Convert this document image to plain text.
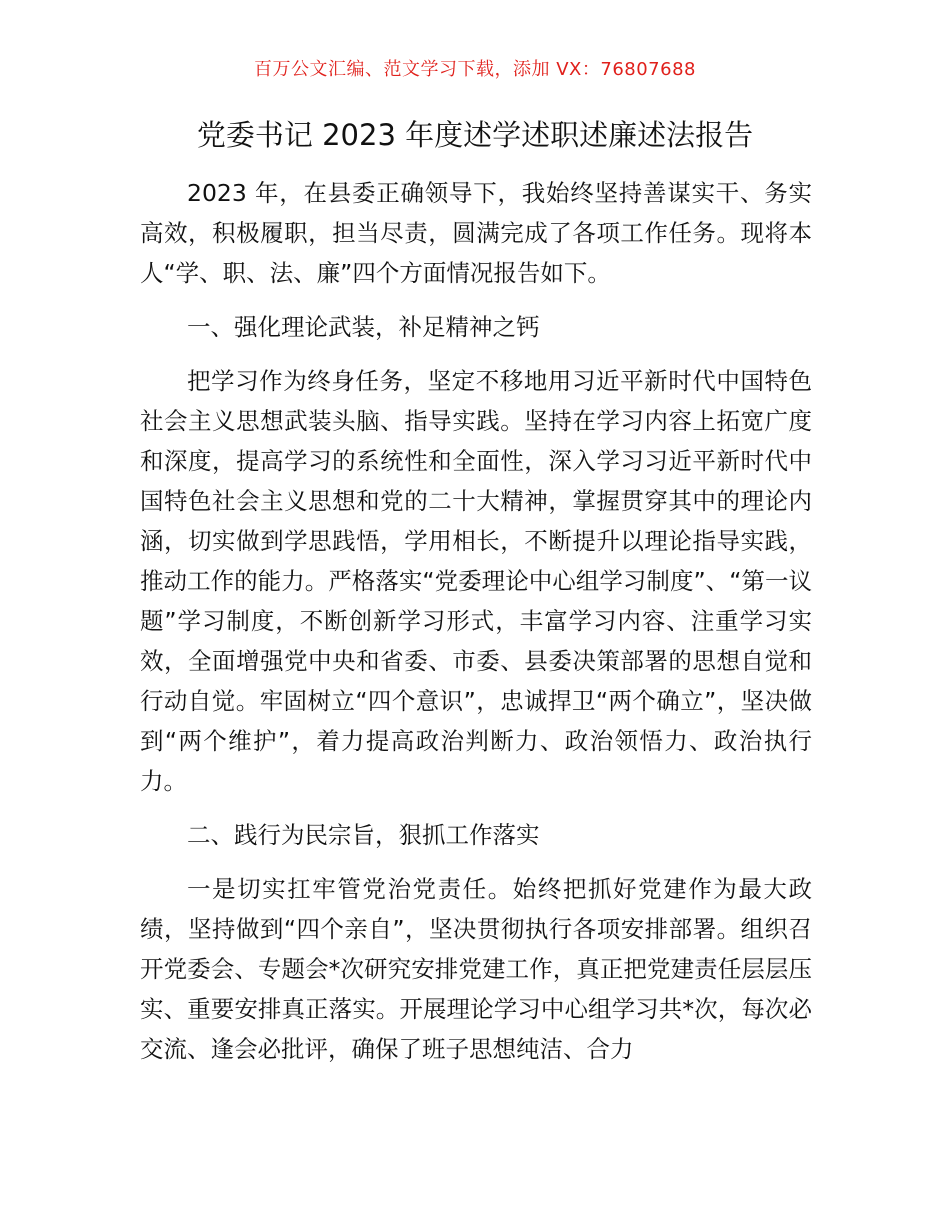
百万公文汇编、范文学习下载，添加 VX：76807688
党委书记 2023 年度述学述职述廉述法报告

2023 年，在县委正确领导下，我始终坚持善谋实干、务实高效，积极履职，担当尽责，圆满完成了各项工作任务。现将本人“学、职、法、廉”四个方面情况报告如下。

一、强化理论武装，补足精神之钙

把学习作为终身任务，坚定不移地用习近平新时代中国特色社会主义思想武装头脑、指导实践。坚持在学习内容上拓宽广度和深度，提高学习的系统性和全面性，深入学习习近平新时代中国特色社会主义思想和党的二十大精神，掌握贯穿其中的理论内涵，切实做到学思践悟，学用相长，不断提升以理论指导实践，推动工作的能力。严格落实“党委理论中心组学习制度”、“第一议题”学习制度，不断创新学习形式，丰富学习内容、注重学习实效，全面增强党中央和省委、市委、县委决策部署的思想自觉和行动自觉。牢固树立“四个意识”，忠诚捍卫“两个确立”，坚决做到“两个维护”，着力提高政治判断力、政治领悟力、政治执行力。

二、践行为民宗旨，狠抓工作落实

一是切实扛牢管党治党责任。始终把抓好党建作为最大政绩，坚持做到“四个亲自”，坚决贯彻执行各项安排部署。组织召开党委会、专题会*次研究安排党建工作，真正把党建责任层层压实、重要安排真正落实。开展理论学习中心组学习共*次，每次必交流、逢会必批评，确保了班子思想纯洁、合力
